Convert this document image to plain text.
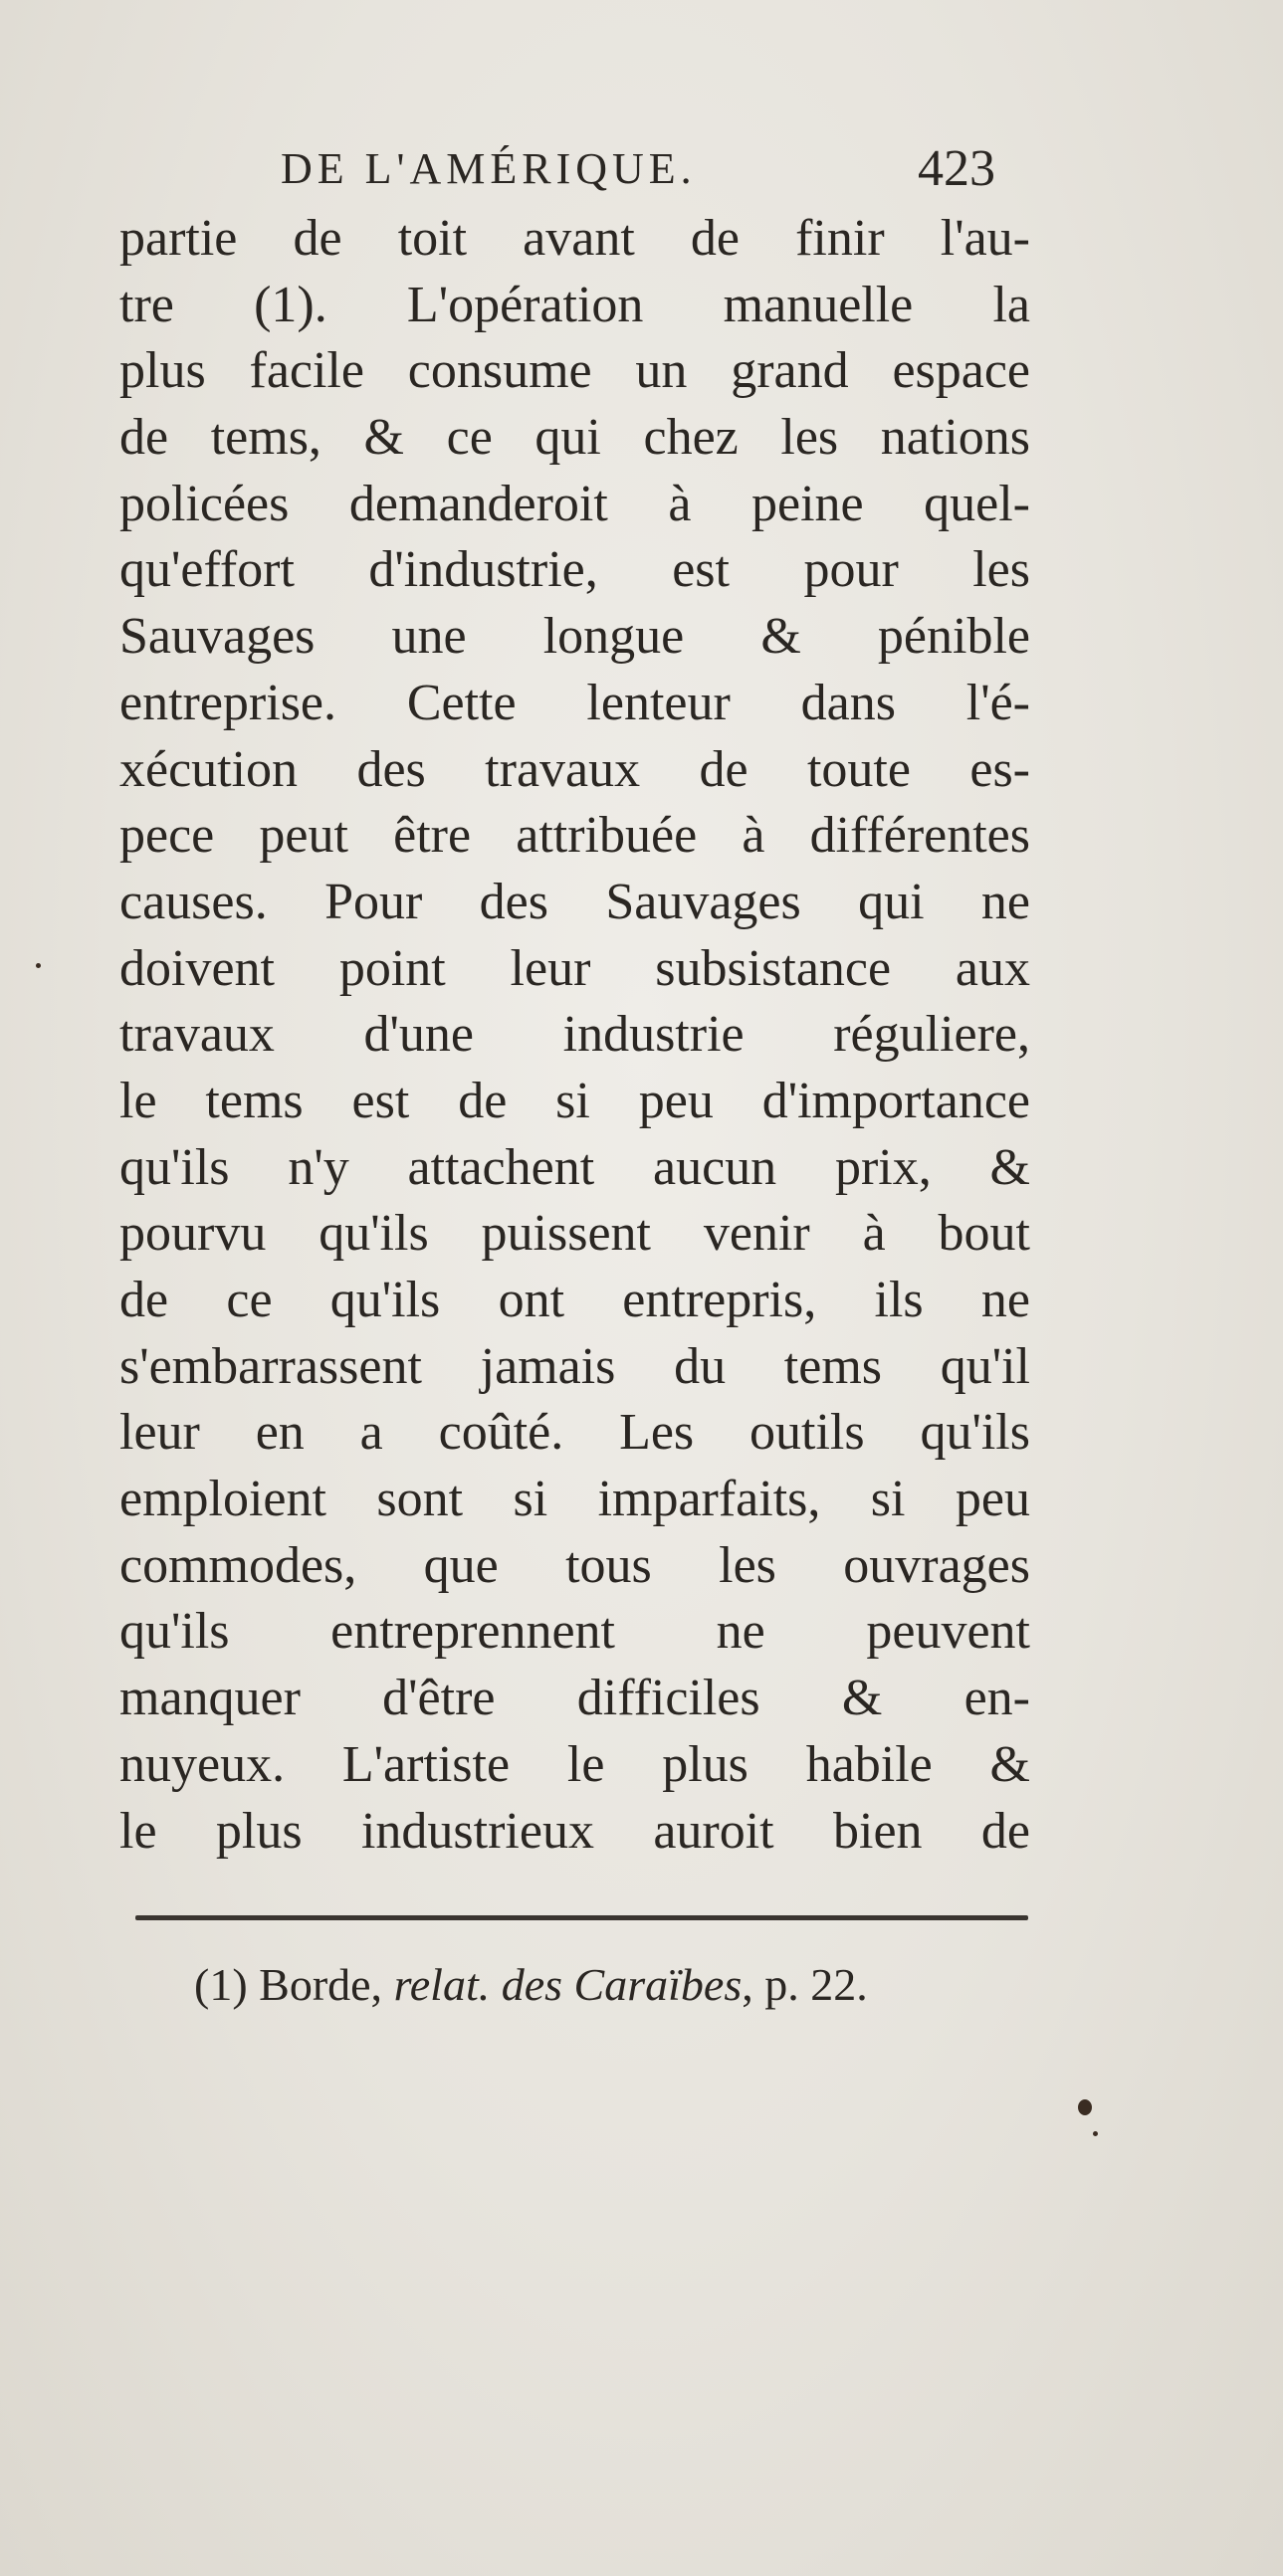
DE L'AMÉRIQUE.	423
partie de toit avant de finir l'au-
tre (1). L'opération manuelle la
plus facile consume un grand espace
de tems, & ce qui chez les nations
policées demanderoit à peine quel-
qu'effort d'industrie, est pour les
Sauvages une longue & pénible
entreprise. Cette lenteur dans l'é-
xécution des travaux de toute es-
pece peut être attribuée à différentes
causes. Pour des Sauvages qui ne
doivent point leur subsistance aux
travaux d'une industrie réguliere,
le tems est de si peu d'importance
qu'ils n'y attachent aucun prix, &
pourvu qu'ils puissent venir à bout
de ce qu'ils ont entrepris, ils ne
s'embarrassent jamais du tems qu'il
leur en a coûté. Les outils qu'ils
emploient sont si imparfaits, si peu
commodes, que tous les ouvrages
qu'ils entreprennent ne peuvent
manquer d'être difficiles & en-
nuyeux. L'artiste le plus habile &
le plus industrieux auroit bien de
(1) Borde, relat. des Caraïbes, p. 22.
